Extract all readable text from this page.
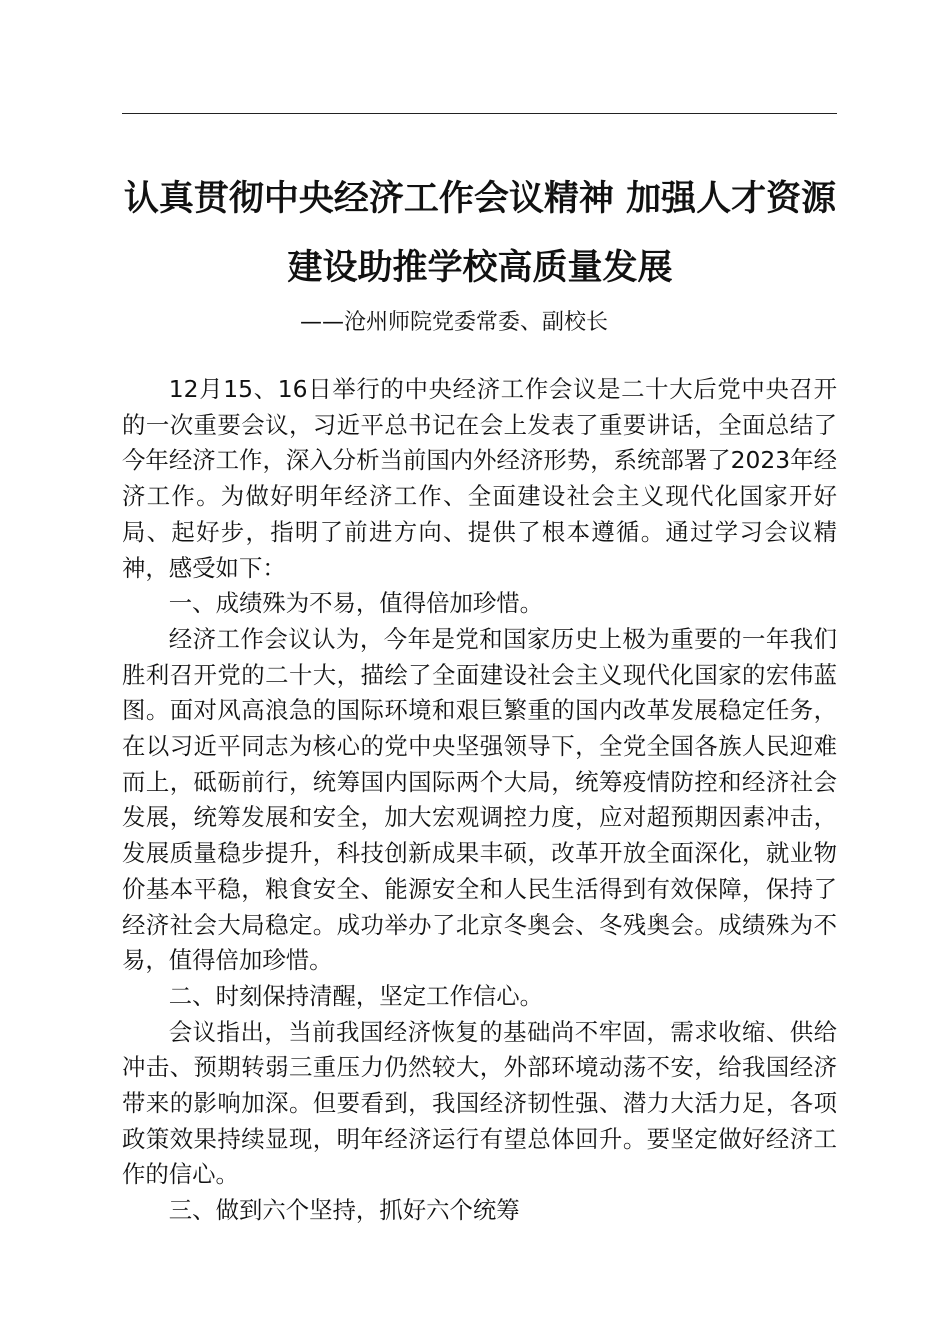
认真贯彻中央经济工作会议精神 加强人才资源
建设助推学校高质量发展
——沧州师院党委常委、副校长

12月15、16日举行的中央经济工作会议是二十大后党中央召开的一次重要会议，习近平总书记在会上发表了重要讲话，全面总结了今年经济工作，深入分析当前国内外经济形势，系统部署了2023年经济工作。为做好明年经济工作、全面建设社会主义现代化国家开好局、起好步，指明了前进方向、提供了根本遵循。通过学习会议精神，感受如下：

一、成绩殊为不易，值得倍加珍惜。

经济工作会议认为，今年是党和国家历史上极为重要的一年我们胜利召开党的二十大，描绘了全面建设社会主义现代化国家的宏伟蓝图。面对风高浪急的国际环境和艰巨繁重的国内改革发展稳定任务，在以习近平同志为核心的党中央坚强领导下，全党全国各族人民迎难而上，砥砺前行，统筹国内国际两个大局，统筹疫情防控和经济社会发展，统筹发展和安全，加大宏观调控力度，应对超预期因素冲击，发展质量稳步提升，科技创新成果丰硕，改革开放全面深化，就业物价基本平稳，粮食安全、能源安全和人民生活得到有效保障，保持了经济社会大局稳定。成功举办了北京冬奥会、冬残奥会。成绩殊为不易，值得倍加珍惜。

二、时刻保持清醒，坚定工作信心。

会议指出，当前我国经济恢复的基础尚不牢固，需求收缩、供给冲击、预期转弱三重压力仍然较大，外部环境动荡不安，给我国经济带来的影响加深。但要看到，我国经济韧性强、潜力大活力足，各项政策效果持续显现，明年经济运行有望总体回升。要坚定做好经济工作的信心。

三、做到六个坚持，抓好六个统筹
